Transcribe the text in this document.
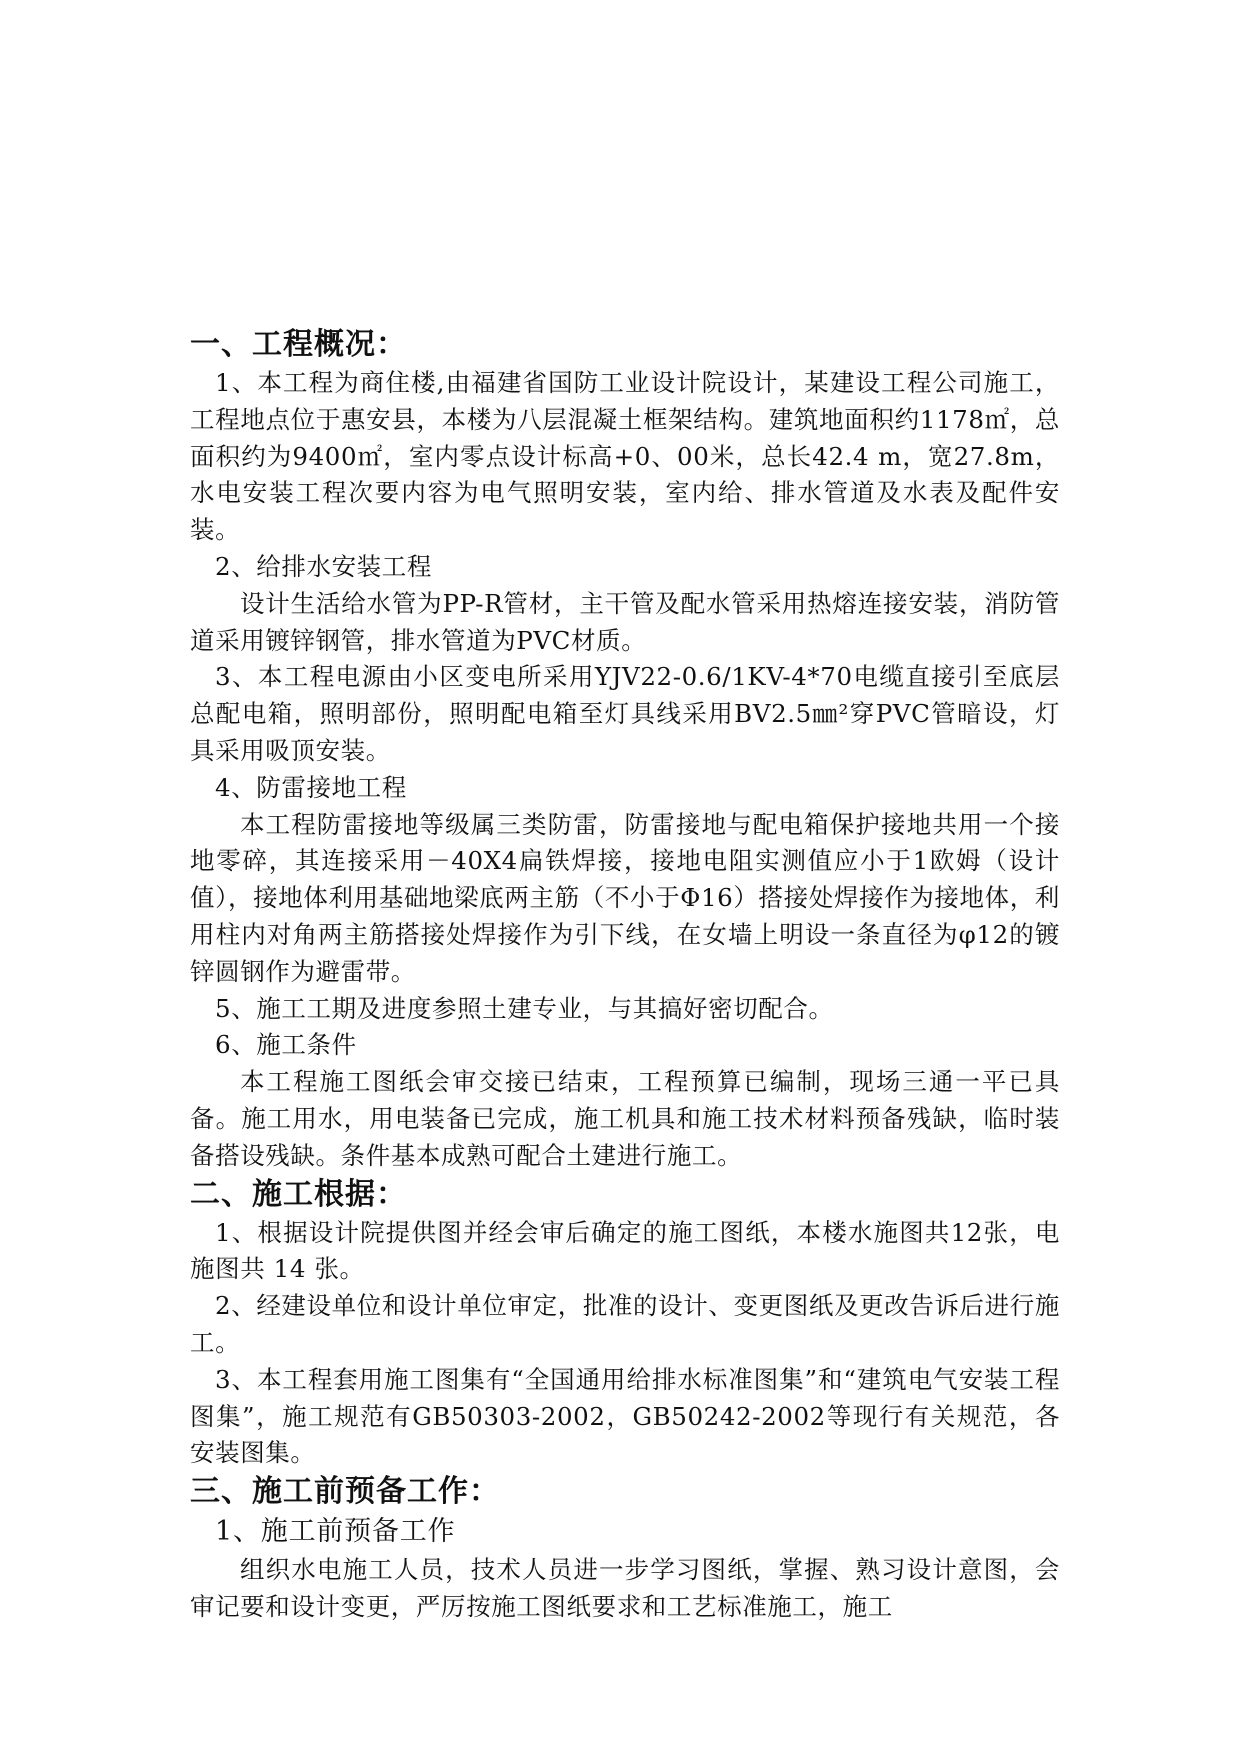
一、工程概况：

1、本工程为商住楼,由福建省国防工业设计院设计，某建设工程公司施工，工程地点位于惠安县，本楼为八层混凝土框架结构。建筑地面积约1178㎡，总面积约为9400㎡，室内零点设计标高+0、00米，总长42.4 m，宽27.8m，水电安装工程次要内容为电气照明安装，室内给、排水管道及水表及配件安装。

2、给排水安装工程

设计生活给水管为PP-R管材，主干管及配水管采用热熔连接安装，消防管道采用镀锌钢管，排水管道为PVC材质。

3、本工程电源由小区变电所采用YJV22-0.6/1KV-4*70电缆直接引至底层总配电箱，照明部份，照明配电箱至灯具线采用BV2.5㎜²穿PVC管暗设，灯具采用吸顶安装。

4、防雷接地工程

本工程防雷接地等级属三类防雷，防雷接地与配电箱保护接地共用一个接地零碎，其连接采用－40X4扁铁焊接，接地电阻实测值应小于1欧姆（设计值），接地体利用基础地梁底两主筋（不小于Φ16）搭接处焊接作为接地体，利用柱内对角两主筋搭接处焊接作为引下线，在女墙上明设一条直径为φ12的镀锌圆钢作为避雷带。

5、施工工期及进度参照土建专业，与其搞好密切配合。

6、施工条件

本工程施工图纸会审交接已结束，工程预算已编制，现场三通一平已具备。施工用水，用电装备已完成，施工机具和施工技术材料预备残缺，临时装备搭设残缺。条件基本成熟可配合土建进行施工。

二、施工根据：

1、根据设计院提供图并经会审后确定的施工图纸，本楼水施图共12张，电施图共 14 张。

2、经建设单位和设计单位审定，批准的设计、变更图纸及更改告诉后进行施工。

3、本工程套用施工图集有“全国通用给排水标准图集”和“建筑电气安装工程图集”，施工规范有GB50303-2002，GB50242-2002等现行有关规范，各安装图集。

三、施工前预备工作：

1、施工前预备工作

组织水电施工人员，技术人员进一步学习图纸，掌握、熟习设计意图，会审记要和设计变更，严厉按施工图纸要求和工艺标准施工，施工
